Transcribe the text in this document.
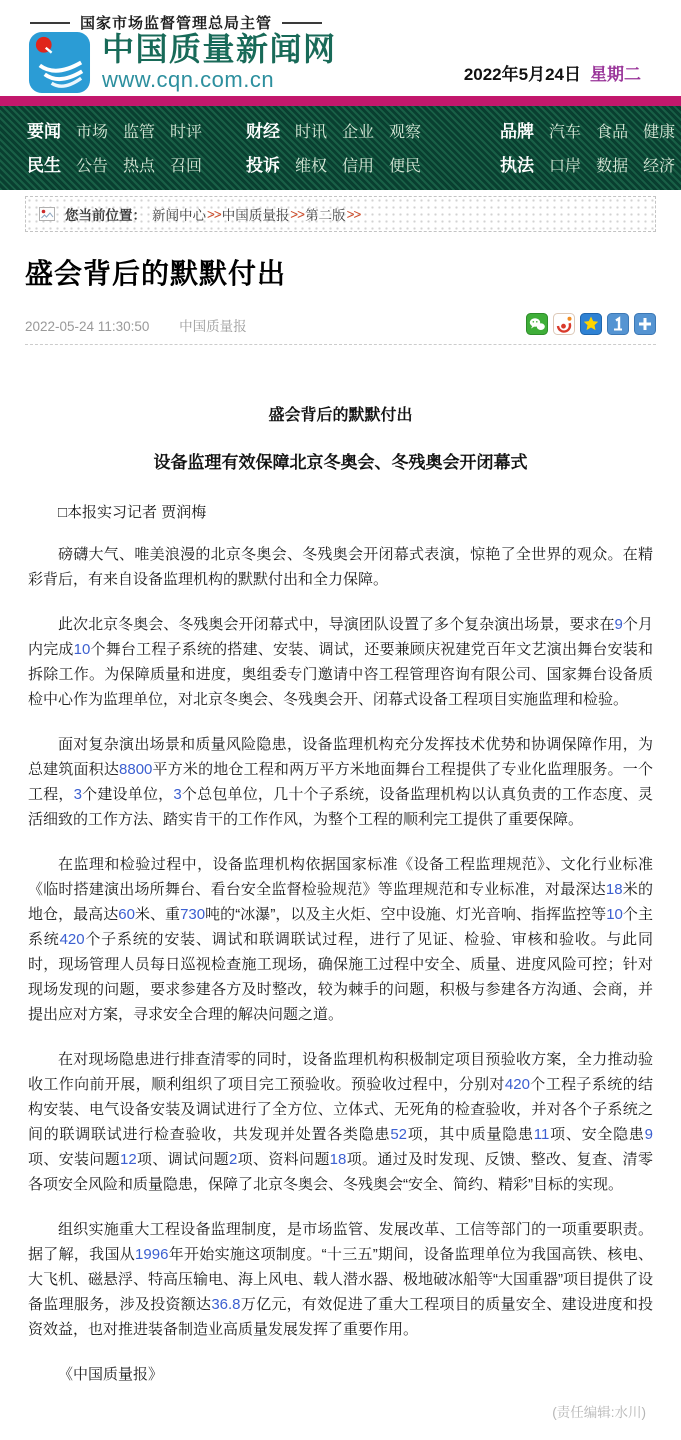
国家市场监督管理总局主管
中国质量新闻网
www.cqn.com.cn	2022年5月24日 星期二
要闻 市场 监管 时评
民生 公告 热点 召回
财经 时讯 企业 观察
投诉 维权 信用 便民
品牌 汽车 食品 健康
执法 口岸 数据 经济
您当前位置： 新闻中心 >> 中国质量报 >> 第二版 >>
盛会背后的默默付出
2022-05-24 11:30:50 中国质量报
盛会背后的默默付出
设备监理有效保障北京冬奥会、冬残奥会开闭幕式

□本报实习记者 贾润梅

磅礴大气、唯美浪漫的北京冬奥会、冬残奥会开闭幕式表演，惊艳了全世界的观众。在精彩背后，有来自设备监理机构的默默付出和全力保障。

此次北京冬奥会、冬残奥会开闭幕式中，导演团队设置了多个复杂演出场景，要求在9个月内完成10个舞台工程子系统的搭建、安装、调试，还要兼顾庆祝建党百年文艺演出舞台安装和拆除工作。为保障质量和进度，奥组委专门邀请中咨工程管理咨询有限公司、国家舞台设备质检中心作为监理单位，对北京冬奥会、冬残奥会开、闭幕式设备工程项目实施监理和检验。

面对复杂演出场景和质量风险隐患，设备监理机构充分发挥技术优势和协调保障作用，为总建筑面积达8800平方米的地仓工程和两万平方米地面舞台工程提供了专业化监理服务。一个工程，3个建设单位，3个总包单位，几十个子系统，设备监理机构以认真负责的工作态度、灵活细致的工作方法、踏实肯干的工作作风，为整个工程的顺利完工提供了重要保障。

在监理和检验过程中，设备监理机构依据国家标准《设备工程监理规范》、文化行业标准《临时搭建演出场所舞台、看台安全监督检验规范》等监理规范和专业标准，对最深达18米的地仓，最高达60米、重730吨的“冰瀑”，以及主火炬、空中设施、灯光音响、指挥监控等10个主系统420个子系统的安装、调试和联调联试过程，进行了见证、检验、审核和验收。与此同时，现场管理人员每日巡视检查施工现场，确保施工过程中安全、质量、进度风险可控；针对现场发现的问题，要求参建各方及时整改，较为棘手的问题，积极与参建各方沟通、会商，并提出应对方案，寻求安全合理的解决问题之道。

在对现场隐患进行排查清零的同时，设备监理机构积极制定项目预验收方案，全力推动验收工作向前开展，顺利组织了项目完工预验收。预验收过程中，分别对420个工程子系统的结构安装、电气设备安装及调试进行了全方位、立体式、无死角的检查验收，并对各个子系统之间的联调联试进行检查验收，共发现并处置各类隐患52项，其中质量隐患11项、安全隐患9项、安装问题12项、调试问题2项、资料问题18项。通过及时发现、反馈、整改、复查、清零各项安全风险和质量隐患，保障了北京冬奥会、冬残奥会“安全、简约、精彩”目标的实现。

组织实施重大工程设备监理制度，是市场监管、发展改革、工信等部门的一项重要职责。据了解，我国从1996年开始实施这项制度。“十三五”期间，设备监理单位为我国高铁、核电、大飞机、磁悬浮、特高压输电、海上风电、载人潜水器、极地破冰船等“大国重器”项目提供了设备监理服务，涉及投资额达36.8万亿元，有效促进了重大工程项目的质量安全、建设进度和投资效益，也对推进装备制造业高质量发展发挥了重要作用。

《中国质量报》

(责任编辑:水川)
